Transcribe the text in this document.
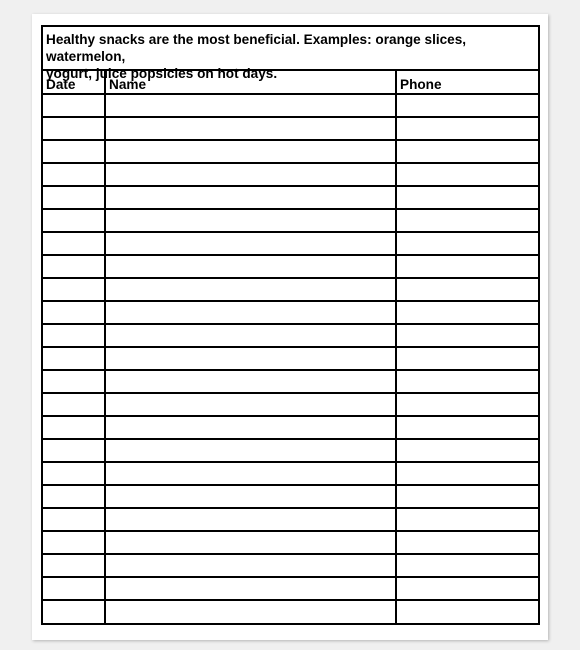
Healthy snacks are the most beneficial. Examples: orange slices, watermelon,
yogurt, juice popsicles on hot days.
Date	Name	Phone
